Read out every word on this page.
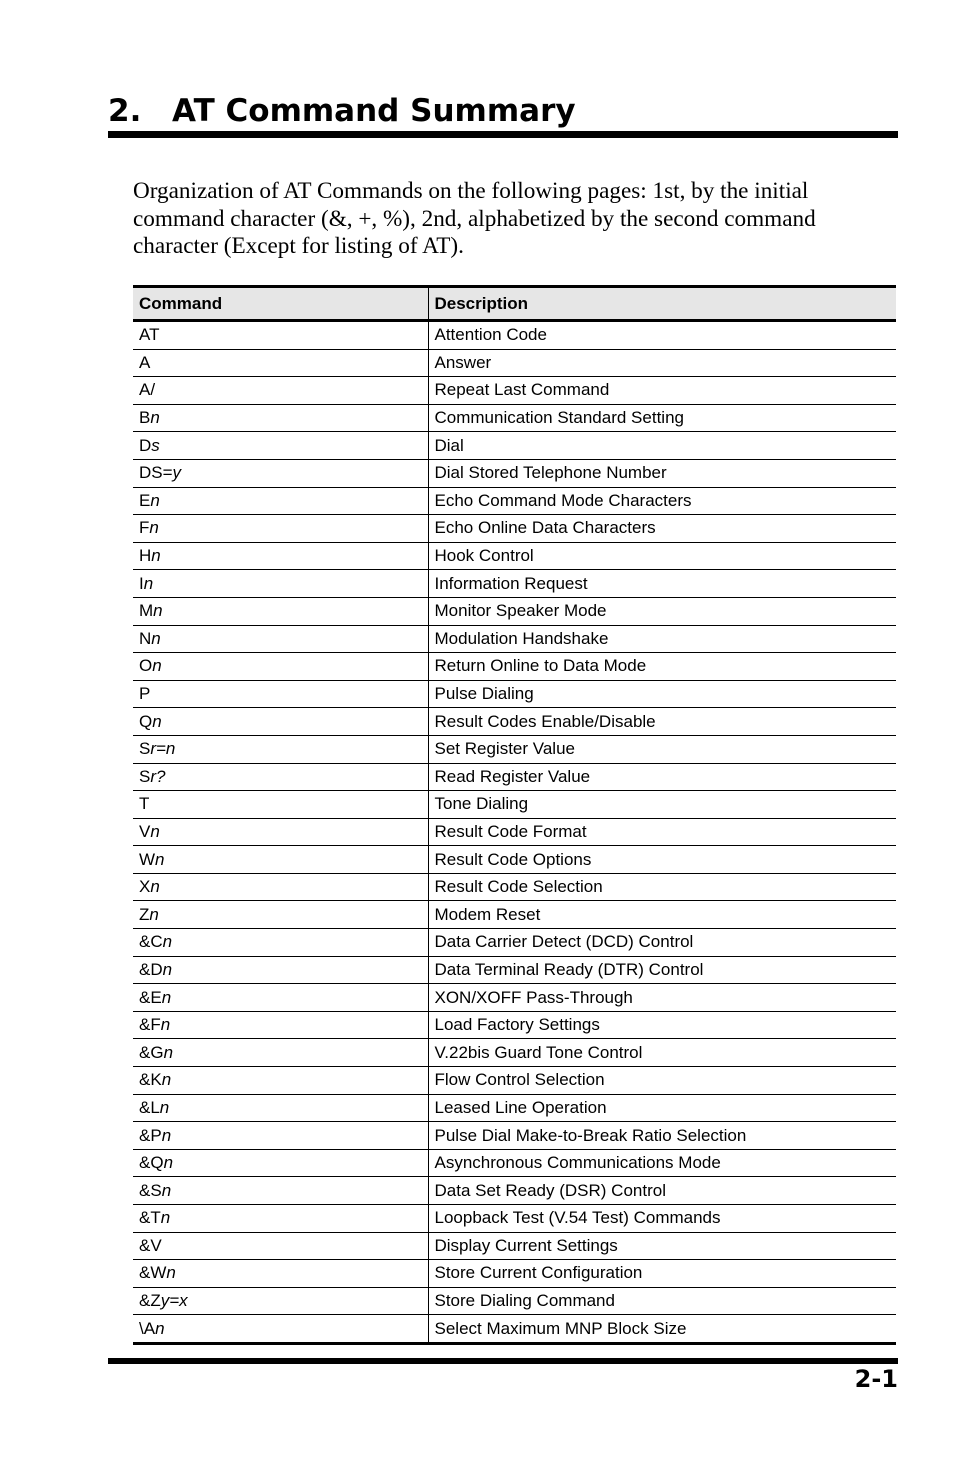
2. AT Command Summary

Organization of AT Commands on the following pages: 1st, by the initial

command character (&, +, %), 2nd, alphabetized by the second command

character (Except for listing of AT).

Command	Description
AT	Attention Code
A	Answer
A/	Repeat Last Command
Bn	Communication Standard Setting
Ds	Dial
DS=y	Dial Stored Telephone Number
En	Echo Command Mode Characters
Fn	Echo Online Data Characters
Hn	Hook Control
In	Information Request
Mn	Monitor Speaker Mode
Nn	Modulation Handshake
On	Return Online to Data Mode
P	Pulse Dialing
Qn	Result Codes Enable/Disable
Sr=n	Set Register Value
Sr?	Read Register Value
T	Tone Dialing
Vn	Result Code Format
Wn	Result Code Options
Xn	Result Code Selection
Zn	Modem Reset
&Cn	Data Carrier Detect (DCD) Control
&Dn	Data Terminal Ready (DTR) Control
&En	XON/XOFF Pass-Through
&Fn	Load Factory Settings
&Gn	V.22bis Guard Tone Control
&Kn	Flow Control Selection
&Ln	Leased Line Operation
&Pn	Pulse Dial Make-to-Break Ratio Selection
&Qn	Asynchronous Communications Mode
&Sn	Data Set Ready (DSR) Control
&Tn	Loopback Test (V.54 Test) Commands
&V	Display Current Settings
&Wn	Store Current Configuration
&Zy=x	Store Dialing Command
\An	Select Maximum MNP Block Size
2-1
